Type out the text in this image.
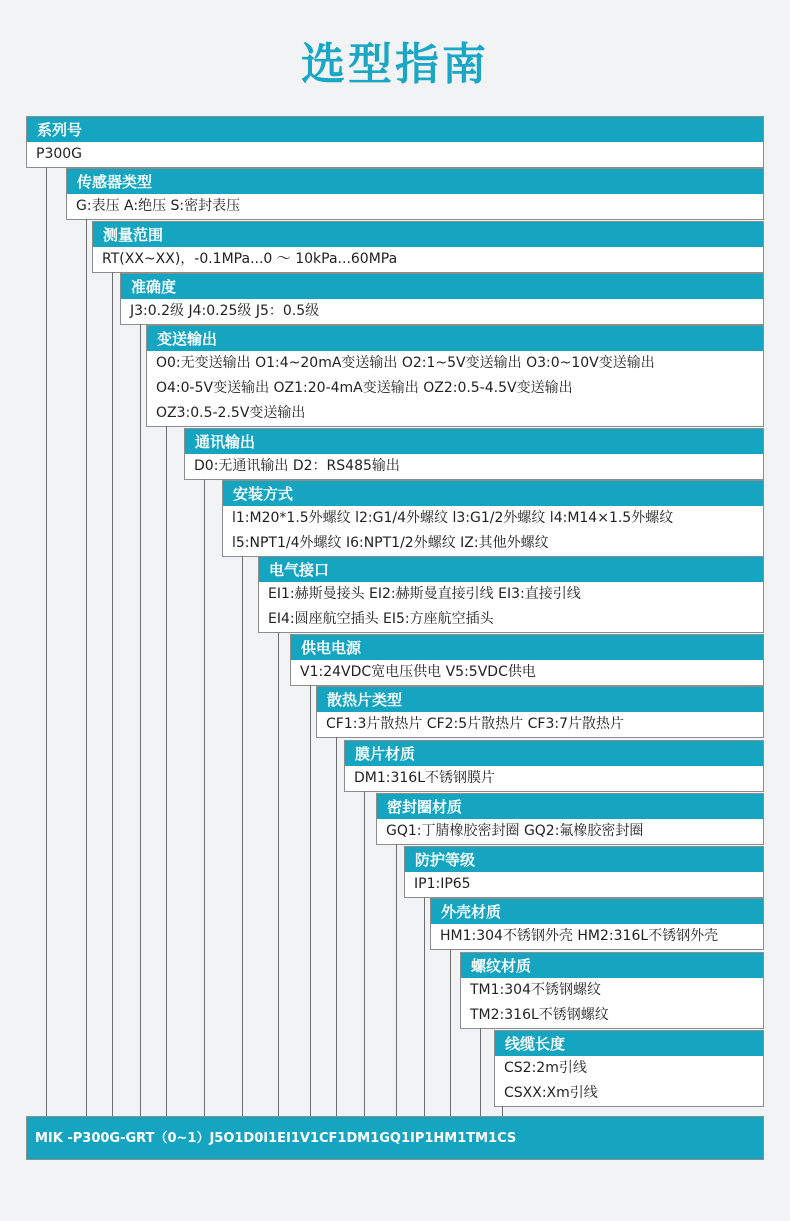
选型指南
系列号
P300G
传感器类型
G:表压 A:绝压 S:密封表压
测量范围
RT(XX~XX)，-0.1MPa...0 ～ 10kPa...60MPa
准确度
J3:0.2级 J4:0.25级 J5：0.5级
变送输出
O0:无变送输出 O1:4~20mA变送输出 O2:1~5V变送输出 O3:0~10V变送输出
O4:0-5V变送输出 OZ1:20-4mA变送输出 OZ2:0.5-4.5V变送输出
OZ3:0.5-2.5V变送输出
通讯输出
D0:无通讯输出 D2：RS485输出
安装方式
l1:M20*1.5外螺纹 l2:G1/4外螺纹 l3:G1/2外螺纹 l4:M14×1.5外螺纹
l5:NPT1/4外螺纹 I6:NPT1/2外螺纹 IZ:其他外螺纹
电气接口
EI1:赫斯曼接头 EI2:赫斯曼直接引线 EI3:直接引线
EI4:圆座航空插头 EI5:方座航空插头
供电电源
V1:24VDC宽电压供电 V5:5VDC供电
散热片类型
CF1:3片散热片 CF2:5片散热片 CF3:7片散热片
膜片材质
DM1:316L不锈钢膜片
密封圈材质
GQ1:丁腈橡胶密封圈 GQ2:氟橡胶密封圈
防护等级
IP1:IP65
外壳材质
HM1:304不锈钢外壳 HM2:316L不锈钢外壳
螺纹材质
TM1:304不锈钢螺纹
TM2:316L不锈钢螺纹
线缆长度
CS2:2m引线
CSXX:Xm引线
MIK -P300G-GRT（0~1）J5O1D0I1EI1V1CF1DM1GQ1IP1HM1TM1CS
